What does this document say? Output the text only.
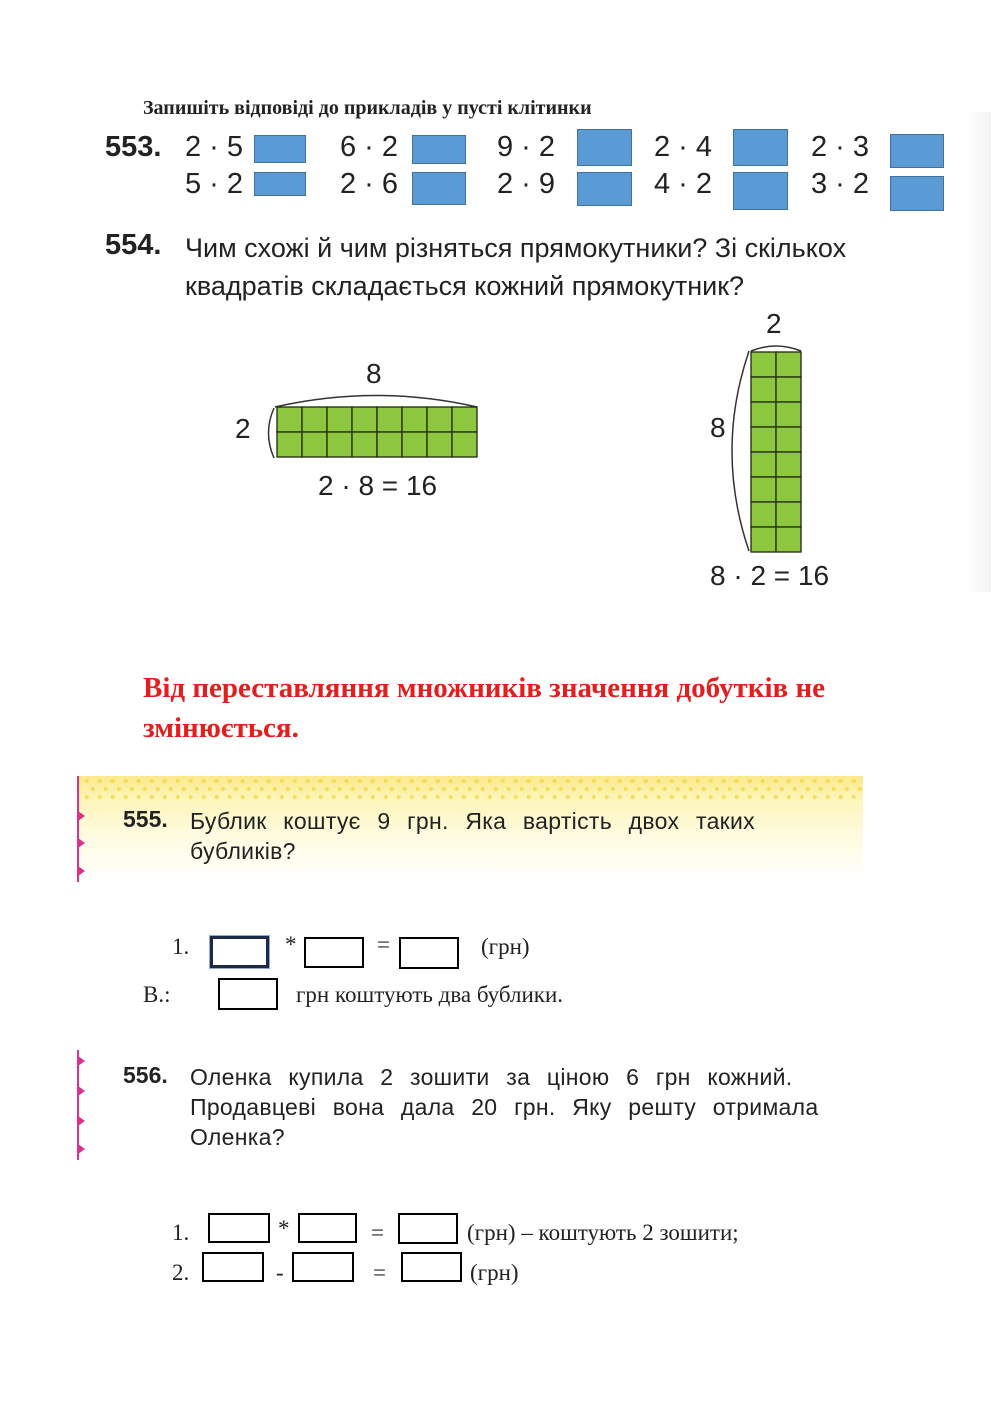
Запишіть відповіді до прикладів у пусті клітинки
553. 2 · 5	6 · 2	9 · 2	2 · 4	2 · 3
5 · 2	2 · 6	2 · 9	4 · 2	3 · 2
554. Чим схожі й чим різняться прямокутники? Зі скількох квадратів складається кожний прямокутник?
8
2
2 · 8 = 16
2
8
8 · 2 = 16
Від переставляння множників значення добутків не змінюється.
555. Бублик коштує 9 грн. Яка вартість двох таких бубликів?
1.	*	=	(грн)
В.:	грн коштують два бублики.
556. Оленка купила 2 зошити за ціною 6 грн кожний. Продавцеві вона дала 20 грн. Яку решту отримала Оленка?
1.	*	=	(грн) – коштують 2 зошити;
2.	-	=	(грн)
